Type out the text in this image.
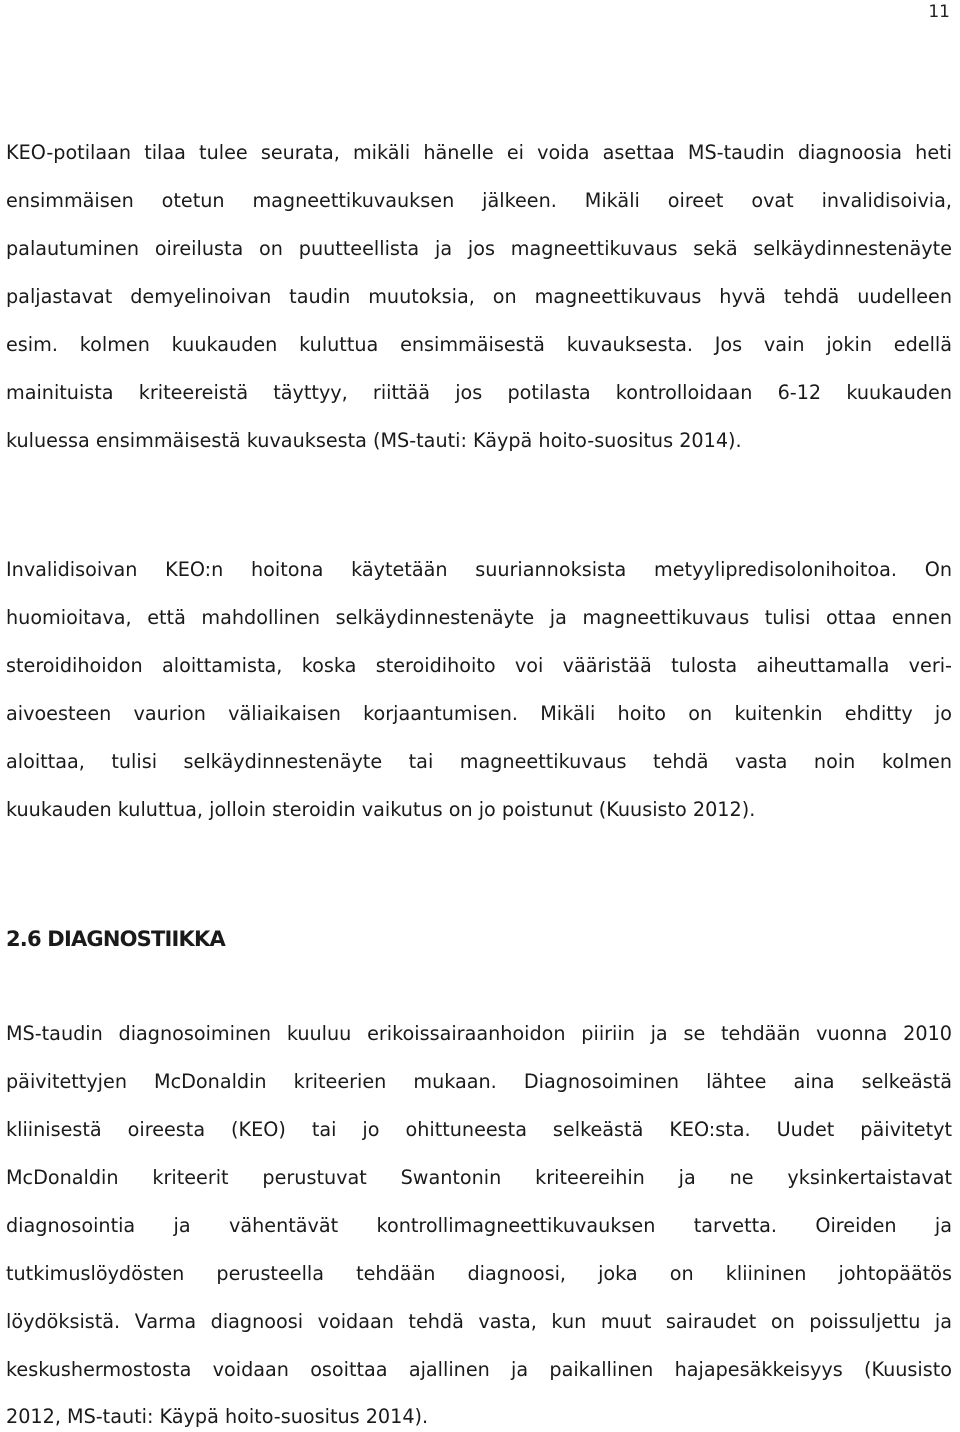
11
KEO-potilaan tilaa tulee seurata, mikäli hänelle ei voida asettaa MS-taudin diagnoosia heti
ensimmäisen otetun magneettikuvauksen jälkeen. Mikäli oireet ovat invalidisoivia,
palautuminen oireilusta on puutteellista ja jos magneettikuvaus sekä selkäydinnestenäyte
paljastavat demyelinoivan taudin muutoksia, on magneettikuvaus hyvä tehdä uudelleen
esim. kolmen kuukauden kuluttua ensimmäisestä kuvauksesta. Jos vain jokin edellä
mainituista kriteereistä täyttyy, riittää jos potilasta kontrolloidaan 6-12 kuukauden
kuluessa ensimmäisestä kuvauksesta (MS-tauti: Käypä hoito-suositus 2014).
Invalidisoivan KEO:n hoitona käytetään suuriannoksista metyylipredisolonihoitoa. On
huomioitava, että mahdollinen selkäydinnestenäyte ja magneettikuvaus tulisi ottaa ennen
steroidihoidon aloittamista, koska steroidihoito voi vääristää tulosta aiheuttamalla veri-
aivoesteen vaurion väliaikaisen korjaantumisen. Mikäli hoito on kuitenkin ehditty jo
aloittaa, tulisi selkäydinnestenäyte tai magneettikuvaus tehdä vasta noin kolmen
kuukauden kuluttua, jolloin steroidin vaikutus on jo poistunut (Kuusisto 2012).
2.6 DIAGNOSTIIKKA
MS-taudin diagnosoiminen kuuluu erikoissairaanhoidon piiriin ja se tehdään vuonna 2010
päivitettyjen McDonaldin kriteerien mukaan. Diagnosoiminen lähtee aina selkeästä
kliinisestä oireesta (KEO) tai jo ohittuneesta selkeästä KEO:sta. Uudet päivitetyt
McDonaldin kriteerit perustuvat Swantonin kriteereihin ja ne yksinkertaistavat
diagnosointia ja vähentävät kontrollimagneettikuvauksen tarvetta. Oireiden ja
tutkimuslöydösten perusteella tehdään diagnoosi, joka on kliininen johtopäätös
löydöksistä. Varma diagnoosi voidaan tehdä vasta, kun muut sairaudet on poissuljettu ja
keskushermostosta voidaan osoittaa ajallinen ja paikallinen hajapesäkkeisyys (Kuusisto
2012, MS-tauti: Käypä hoito-suositus 2014).
